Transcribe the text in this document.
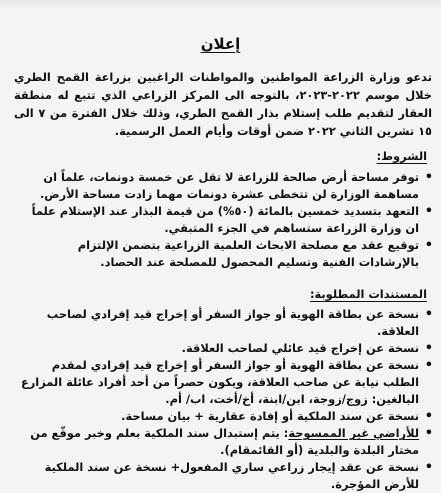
إعلان
تدعو وزارة الزراعة المواطنين والمواطنات الراغبين بزراعة القمح الطري خلال موسم ٢٠٢٢-٢٠٢٣، بالتوجه الى المركز الزراعي الذي تتبع له منطقة العقار لتقديم طلب إستلام بذار القمح الطري، وذلك خلال الفترة من ٧ الى ١٥ تشرين الثاني ٢٠٢٢ ضمن أوقات وأيام العمل الرسمية.
الشروط:
• توفر مساحة أرض صالحة للزراعة لا تقل عن خمسة دونمات، علماً ان مساهمة الوزارة لن تتخطى عشرة دونمات مهما زادت مساحة الأرض.
• التعهد بتسديد خمسين بالمائة (٥٠%) من قيمة البذار عند الإستلام علماً ان وزارة الزراعة ستساهم في الجزء المتبقي.
• توقيع عقد مع مصلحة الابحاث العلمية الزراعية بتضمن الإلتزام بالإرشادات الفنية وتسليم المحصول للمصلحة عند الحصاد.
المستندات المطلوبة:
• نسخة عن بطاقة الهوية أو جواز السفر أو إخراج قيد إفرادي لصاحب العلاقة.
• نسخة عن إخراج قيد عائلي لصاحب العلاقة.
• نسخة عن بطاقة الهوية أو جواز السفر أو إخراج قيد إفرادي لمقدم الطلب نيابة عن صاحب العلاقة، ويكون حصراً من أحد أفراد عائلة المزارع البالغين: زوج/زوجة، ابن/ابنة، أخ/أخت، اب/ أم.
• نسخة عن سند الملكية أو إفادة عقارية + بيان مساحة.
• للأراضي غير الممسوحة: يتم إستبدال سند الملكية بعلم وخبر موقّع من مختار البلدة والبلدية (أو القائمقام).
• نسخة عن عقد إيجار زراعي ساري المفعول+ نسخة عن سند الملكية للأرض المؤجرة.
